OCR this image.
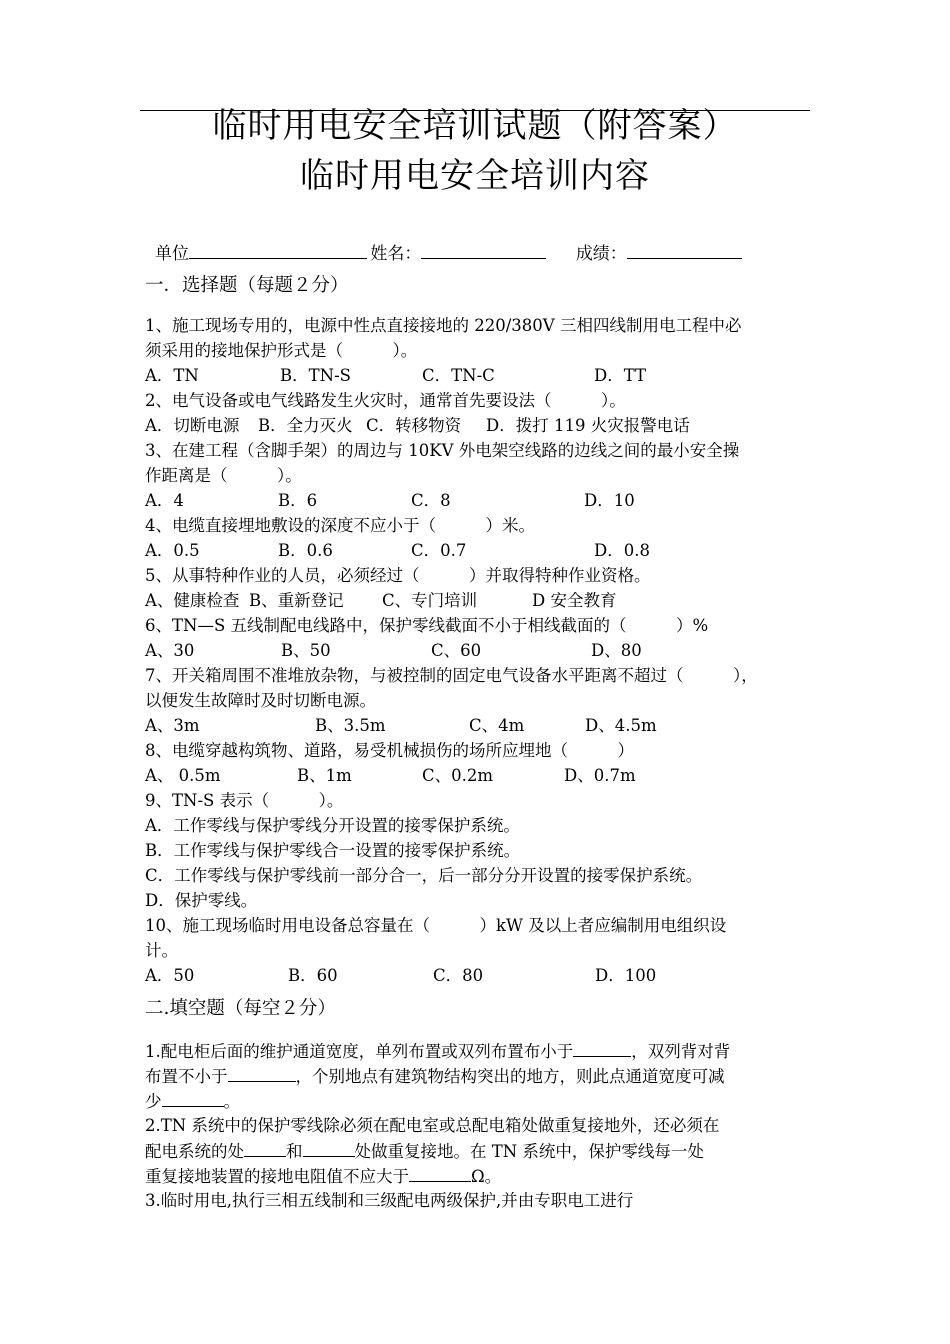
临时用电安全培训试题（附答案）
临时用电安全培训内容
单位	姓名：	成绩：
一．选择题（每题２分）
1、施工现场专用的，电源中性点直接接地的 220/380V 三相四线制用电工程中必
须采用的接地保护形式是（　　　）。
A．TN	B．TN-S	C．TN-C	D．TT
2、电气设备或电气线路发生火灾时，通常首先要设法（　　　）。
A．切断电源 B．全力灭火 C．转移物资 D．拨打 119 火灾报警电话
3、在建工程（含脚手架）的周边与 10KV 外电架空线路的边线之间的最小安全操
作距离是（　　　）。
A．4	B．6	C．8	D．10
4、电缆直接埋地敷设的深度不应小于（　　　）米。
A．0.5	B．0.6	C．0.7	D．0.8
5、从事特种作业的人员，必须经过（　　　）并取得特种作业资格。
A、健康检查 B、重新登记 C、专门培训	D 安全教育
6、TN—S 五线制配电线路中，保护零线截面不小于相线截面的（　　　）%
A、30	B、50	C、60	D、80
7、开关箱周围不准堆放杂物，与被控制的固定电气设备水平距离不超过（　　　），
以便发生故障时及时切断电源。
A、3m	B、3.5m	C、4m	D、4.5m
8、电缆穿越构筑物、道路，易受机械损伤的场所应埋地（　　　）
A、 0.5m	B、1m	C、0.2m	D、0.7m
9、TN-S 表示（　　　）。
A．工作零线与保护零线分开设置的接零保护系统。
B．工作零线与保护零线合一设置的接零保护系统。
C．工作零线与保护零线前一部分合一，后一部分分开设置的接零保护系统。
D．保护零线。
10、施工现场临时用电设备总容量在（　　　）kW 及以上者应编制用电组织设
计。
A．50	B．60	C．80	D．100
二.填空题（每空２分）
1.配电柜后面的维护通道宽度，单列布置或双列布置布小于	，双列背对背
布置不小于	，个别地点有建筑物结构突出的地方，则此点通道宽度可减
少	。
2.TN 系统中的保护零线除必须在配电室或总配电箱处做重复接地外，还必须在
配电系统的处	和	处做重复接地。在 TN 系统中，保护零线每一处
重复接地装置的接地电阻值不应大于	Ω。
3.临时用电,执行三相五线制和三级配电两级保护,并由专职电工进行
